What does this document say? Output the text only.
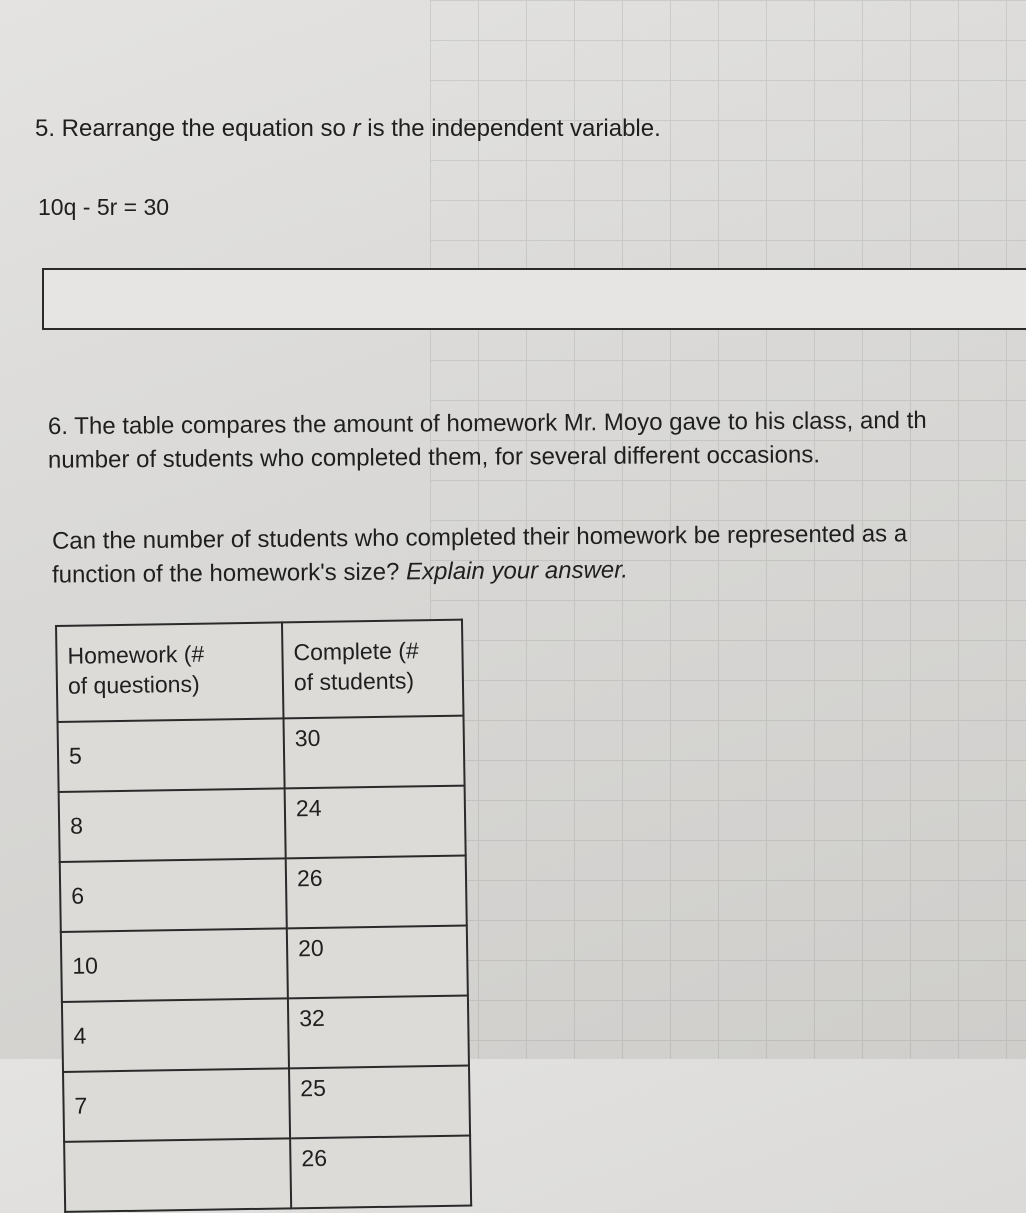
5. Rearrange the equation so r is the independent variable.
10q - 5r = 30
6. The table compares the amount of homework Mr. Moyo gave to his class, and th
number of students who completed them, for several different occasions.
Can the number of students who completed their homework be represented as a
function of the homework's size? Explain your answer.
Homework (#
of questions)	Complete (#
of students)
5	30
8	24
6	26
10	20
4	32
7	25
	26
